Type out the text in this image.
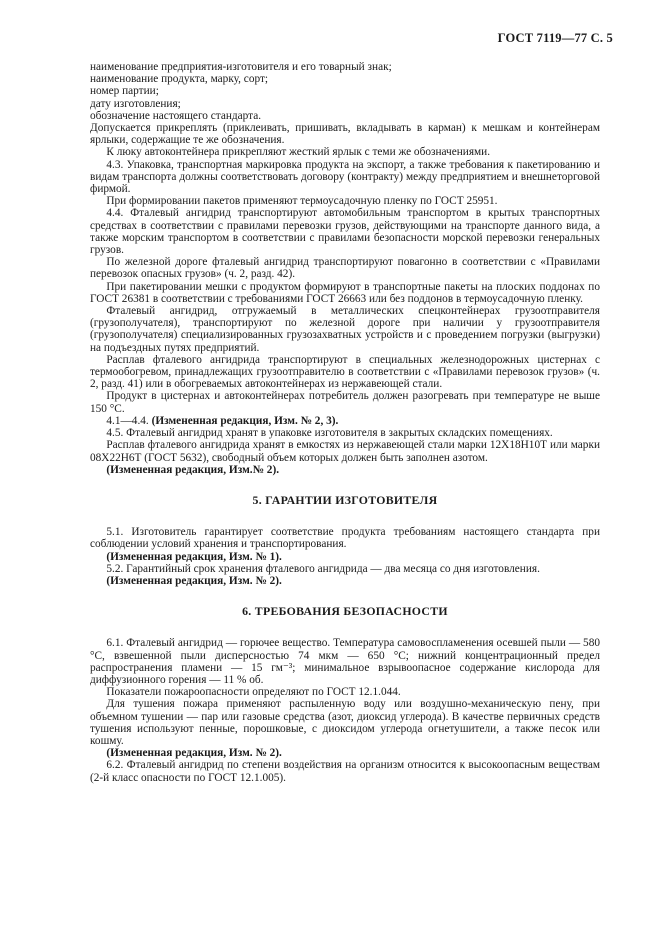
ГОСТ 7119—77 С. 5

наименование предприятия-изготовителя и его товарный знак;

наименование продукта, марку, сорт;

номер партии;

дату изготовления;

обозначение настоящего стандарта.

Допускается прикреплять (приклеивать, пришивать, вкладывать в карман) к мешкам и контейнерам ярлыки, содержащие те же обозначения.

К люку автоконтейнера прикрепляют жесткий ярлык с теми же обозначениями.

4.3. Упаковка, транспортная маркировка продукта на экспорт, а также требования к пакетированию и видам транспорта должны соответствовать договору (контракту) между предприятием и внешнеторговой фирмой.

При формировании пакетов применяют термоусадочную пленку по ГОСТ 25951.

4.4. Фталевый ангидрид транспортируют автомобильным транспортом в крытых транспортных средствах в соответствии с правилами перевозки грузов, действующими на транспорте данного вида, а также морским транспортом в соответствии с правилами безопасности морской перевозки генеральных грузов.

По железной дороге фталевый ангидрид транспортируют повагонно в соответствии с «Правилами перевозок опасных грузов» (ч. 2, разд. 42).

При пакетировании мешки с продуктом формируют в транспортные пакеты на плоских поддонах по ГОСТ 26381 в соответствии с требованиями ГОСТ 26663 или без поддонов в термоусадочную пленку.

Фталевый ангидрид, отгружаемый в металлических спецконтейнерах грузоотправителя (грузополучателя), транспортируют по железной дороге при наличии у грузоотправителя (грузополучателя) специализированных грузозахватных устройств и с проведением погрузки (выгрузки) на подъездных путях предприятий.

Расплав фталевого ангидрида транспортируют в специальных железнодорожных цистернах с термообогревом, принадлежащих грузоотправителю в соответствии с «Правилами перевозок грузов» (ч. 2, разд. 41) или в обогреваемых автоконтейнерах из нержавеющей стали.

Продукт в цистернах и автоконтейнерах потребитель должен разогревать при температуре не выше 150 °С.

4.1—4.4. (Измененная редакция, Изм. № 2, 3).

4.5. Фталевый ангидрид хранят в упаковке изготовителя в закрытых складских помещениях.

Расплав фталевого ангидрида хранят в емкостях из нержавеющей стали марки 12Х18Н10Т или марки 08Х22Н6Т (ГОСТ 5632), свободный объем которых должен быть заполнен азотом.

(Измененная редакция, Изм.№ 2).

5. ГАРАНТИИ ИЗГОТОВИТЕЛЯ

5.1. Изготовитель гарантирует соответствие продукта требованиям настоящего стандарта при соблюдении условий хранения и транспортирования.

(Измененная редакция, Изм. № 1).

5.2. Гарантийный срок хранения фталевого ангидрида — два месяца со дня изготовления.

(Измененная редакция, Изм. № 2).

6. ТРЕБОВАНИЯ БЕЗОПАСНОСТИ

6.1. Фталевый ангидрид — горючее вещество. Температура самовоспламенения осевшей пыли — 580 °С, взвешенной пыли дисперсностью 74 мкм — 650 °С; нижний концентрационный предел распространения пламени — 15 гм⁻³; минимальное взрывоопасное содержание кислорода для диффузионного горения — 11 % об.

Показатели пожароопасности определяют по ГОСТ 12.1.044.

Для тушения пожара применяют распыленную воду или воздушно-механическую пену, при объемном тушении — пар или газовые средства (азот, диоксид углерода). В качестве первичных средств тушения используют пенные, порошковые, с диоксидом углерода огнетушители, а также песок или кошму.

(Измененная редакция, Изм. № 2).

6.2. Фталевый ангидрид по степени воздействия на организм относится к высокоопасным веществам (2-й класс опасности по ГОСТ 12.1.005).
